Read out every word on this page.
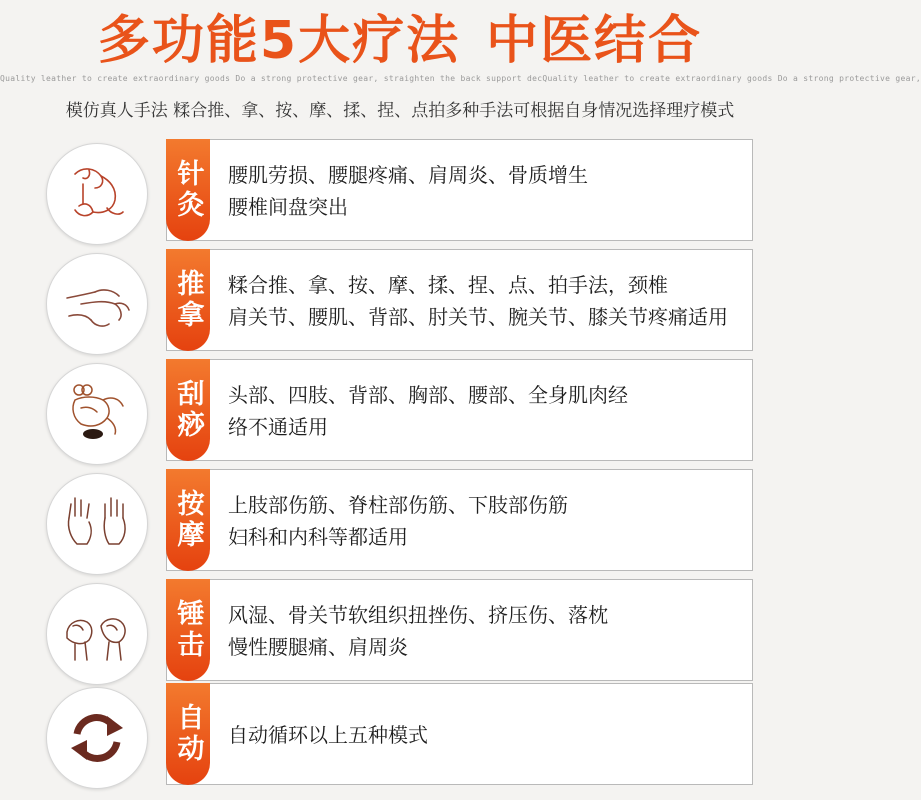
多功能5大疗法 中医结合
Quality leather to create extraordinary goods Do a strong protective gear, straighten the back support decQuality leather to create extraordinary goods Do a strong protective gear,
模仿真人手法 糅合推、拿、按、摩、揉、捏、点拍多种手法可根据自身情况选择理疗模式
针灸 腰肌劳损、腰腿疼痛、肩周炎、骨质增生
腰椎间盘突出
推拿 糅合推、拿、按、摩、揉、捏、点、拍手法，颈椎
肩关节、腰肌、背部、肘关节、腕关节、膝关节疼痛适用
刮痧 头部、四肢、背部、胸部、腰部、全身肌肉经
络不通适用
按摩 上肢部伤筋、脊柱部伤筋、下肢部伤筋
妇科和内科等都适用
锤击 风湿、骨关节软组织扭挫伤、挤压伤、落枕
慢性腰腿痛、肩周炎
自动 自动循环以上五种模式
